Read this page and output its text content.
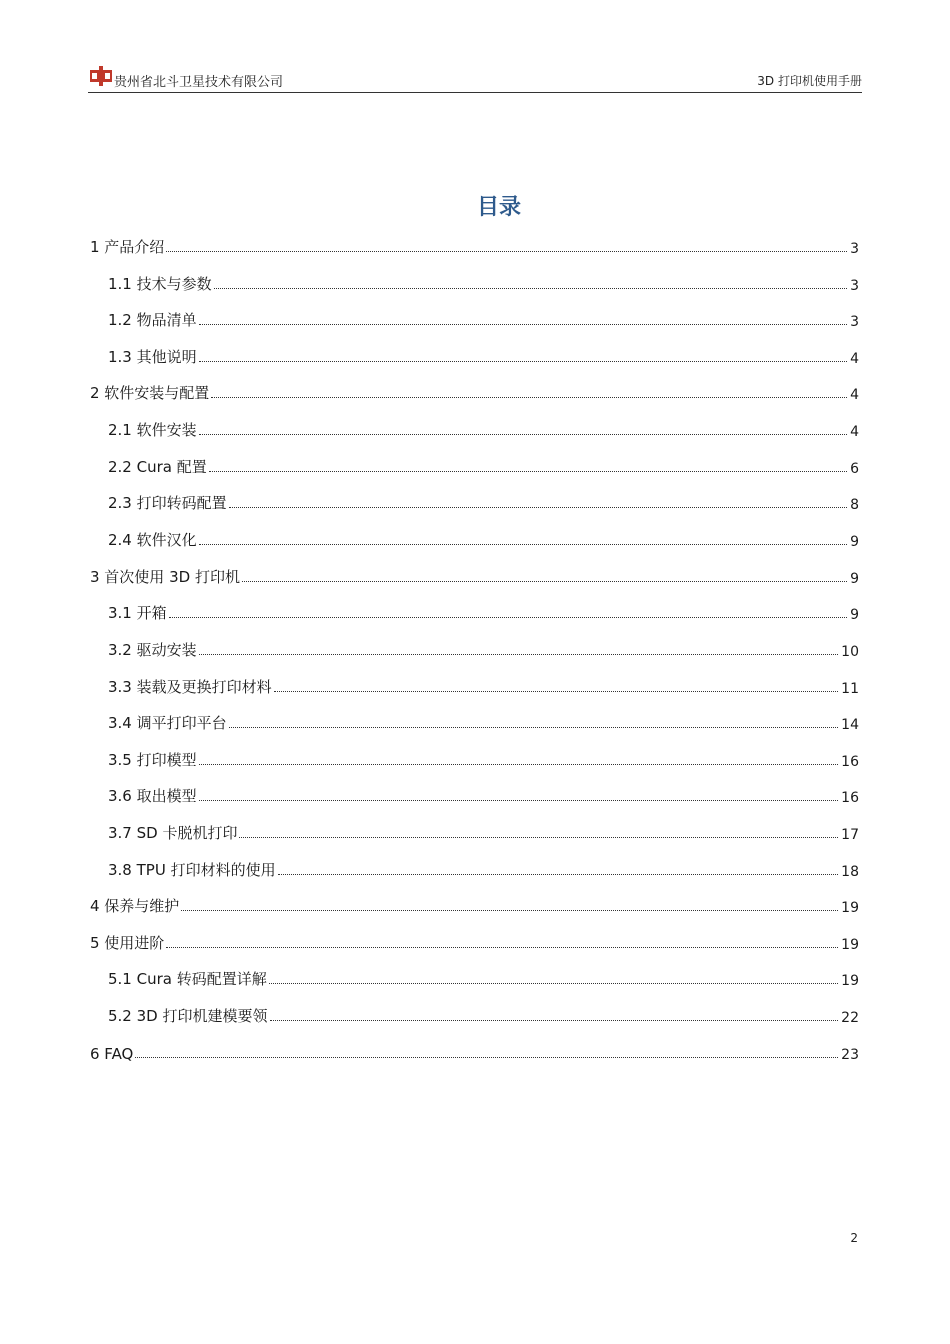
贵州省北斗卫星技术有限公司	3D 打印机使用手册
目录
1 产品介绍	3
1.1 技术与参数	3
1.2 物品清单	3
1.3 其他说明	4
2 软件安装与配置	4
2.1 软件安装	4
2.2 Cura 配置	6
2.3 打印转码配置	8
2.4 软件汉化	9
3 首次使用 3D 打印机	9
3.1 开箱	9
3.2 驱动安装	10
3.3 装载及更换打印材料	11
3.4 调平打印平台	14
3.5 打印模型	16
3.6 取出模型	16
3.7 SD 卡脱机打印	17
3.8 TPU 打印材料的使用	18
4 保养与维护	19
5 使用进阶	19
5.1 Cura 转码配置详解	19
5.2 3D 打印机建模要领	22
6 FAQ	23
2
